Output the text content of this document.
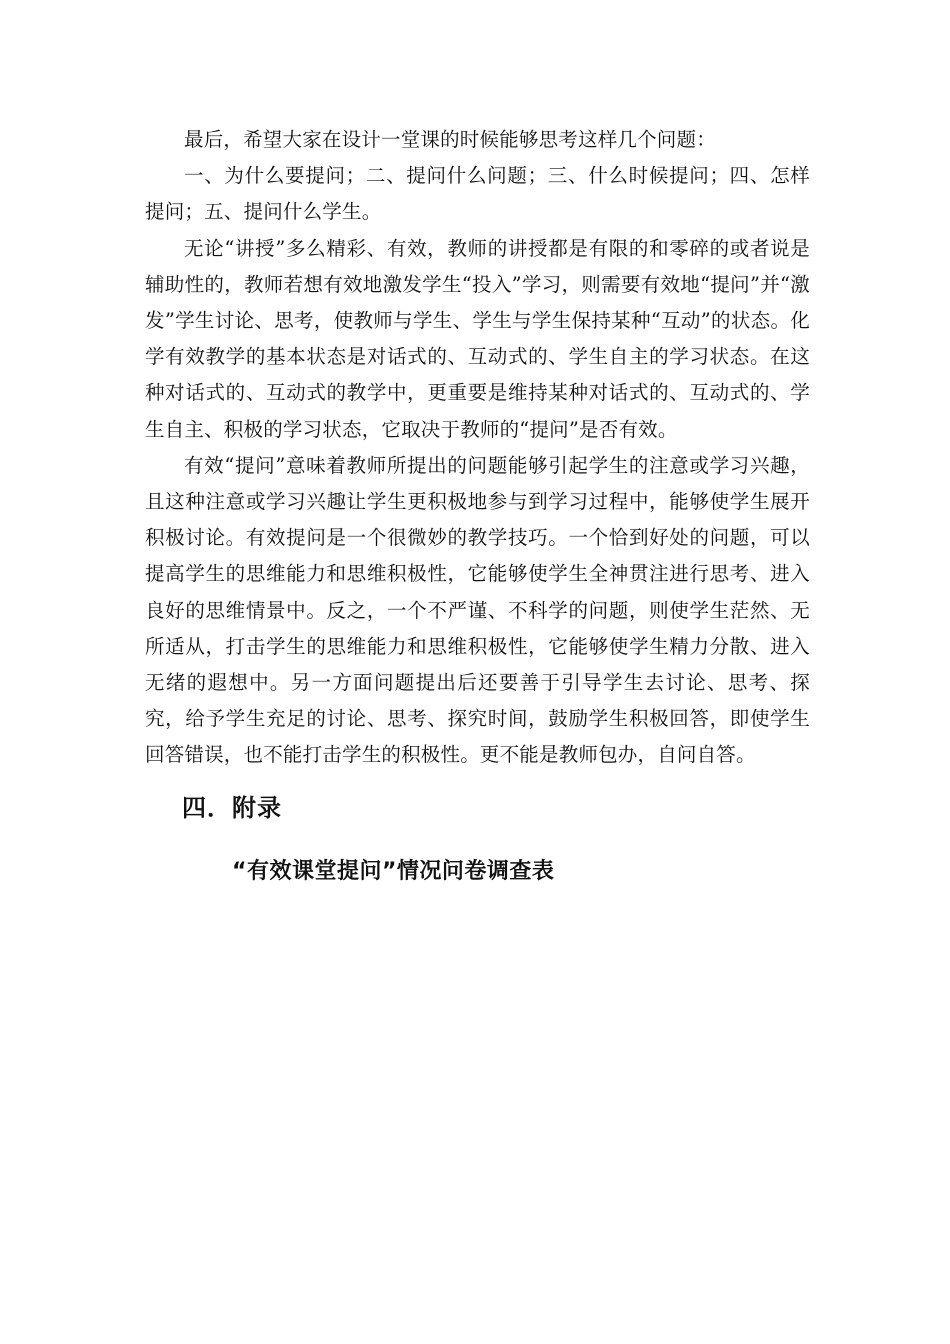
最后，希望大家在设计一堂课的时候能够思考这样几个问题：

一、为什么要提问；二、提问什么问题；三、什么时候提问；四、怎样提问；五、提问什么学生。

无论“讲授”多么精彩、有效，教师的讲授都是有限的和零碎的或者说是辅助性的，教师若想有效地激发学生“投入”学习，则需要有效地“提问”并“激发”学生讨论、思考，使教师与学生、学生与学生保持某种“互动”的状态。化学有效教学的基本状态是对话式的、互动式的、学生自主的学习状态。在这种对话式的、互动式的教学中，更重要是维持某种对话式的、互动式的、学生自主、积极的学习状态，它取决于教师的“提问”是否有效。

有效“提问”意味着教师所提出的问题能够引起学生的注意或学习兴趣，且这种注意或学习兴趣让学生更积极地参与到学习过程中，能够使学生展开积极讨论。有效提问是一个很微妙的教学技巧。一个恰到好处的问题，可以提高学生的思维能力和思维积极性，它能够使学生全神贯注进行思考、进入良好的思维情景中。反之，一个不严谨、不科学的问题，则使学生茫然、无所适从，打击学生的思维能力和思维积极性，它能够使学生精力分散、进入无绪的遐想中。另一方面问题提出后还要善于引导学生去讨论、思考、探究，给予学生充足的讨论、思考、探究时间，鼓励学生积极回答，即使学生回答错误，也不能打击学生的积极性。更不能是教师包办，自问自答。

四．附录
“有效课堂提问”情况问卷调查表
